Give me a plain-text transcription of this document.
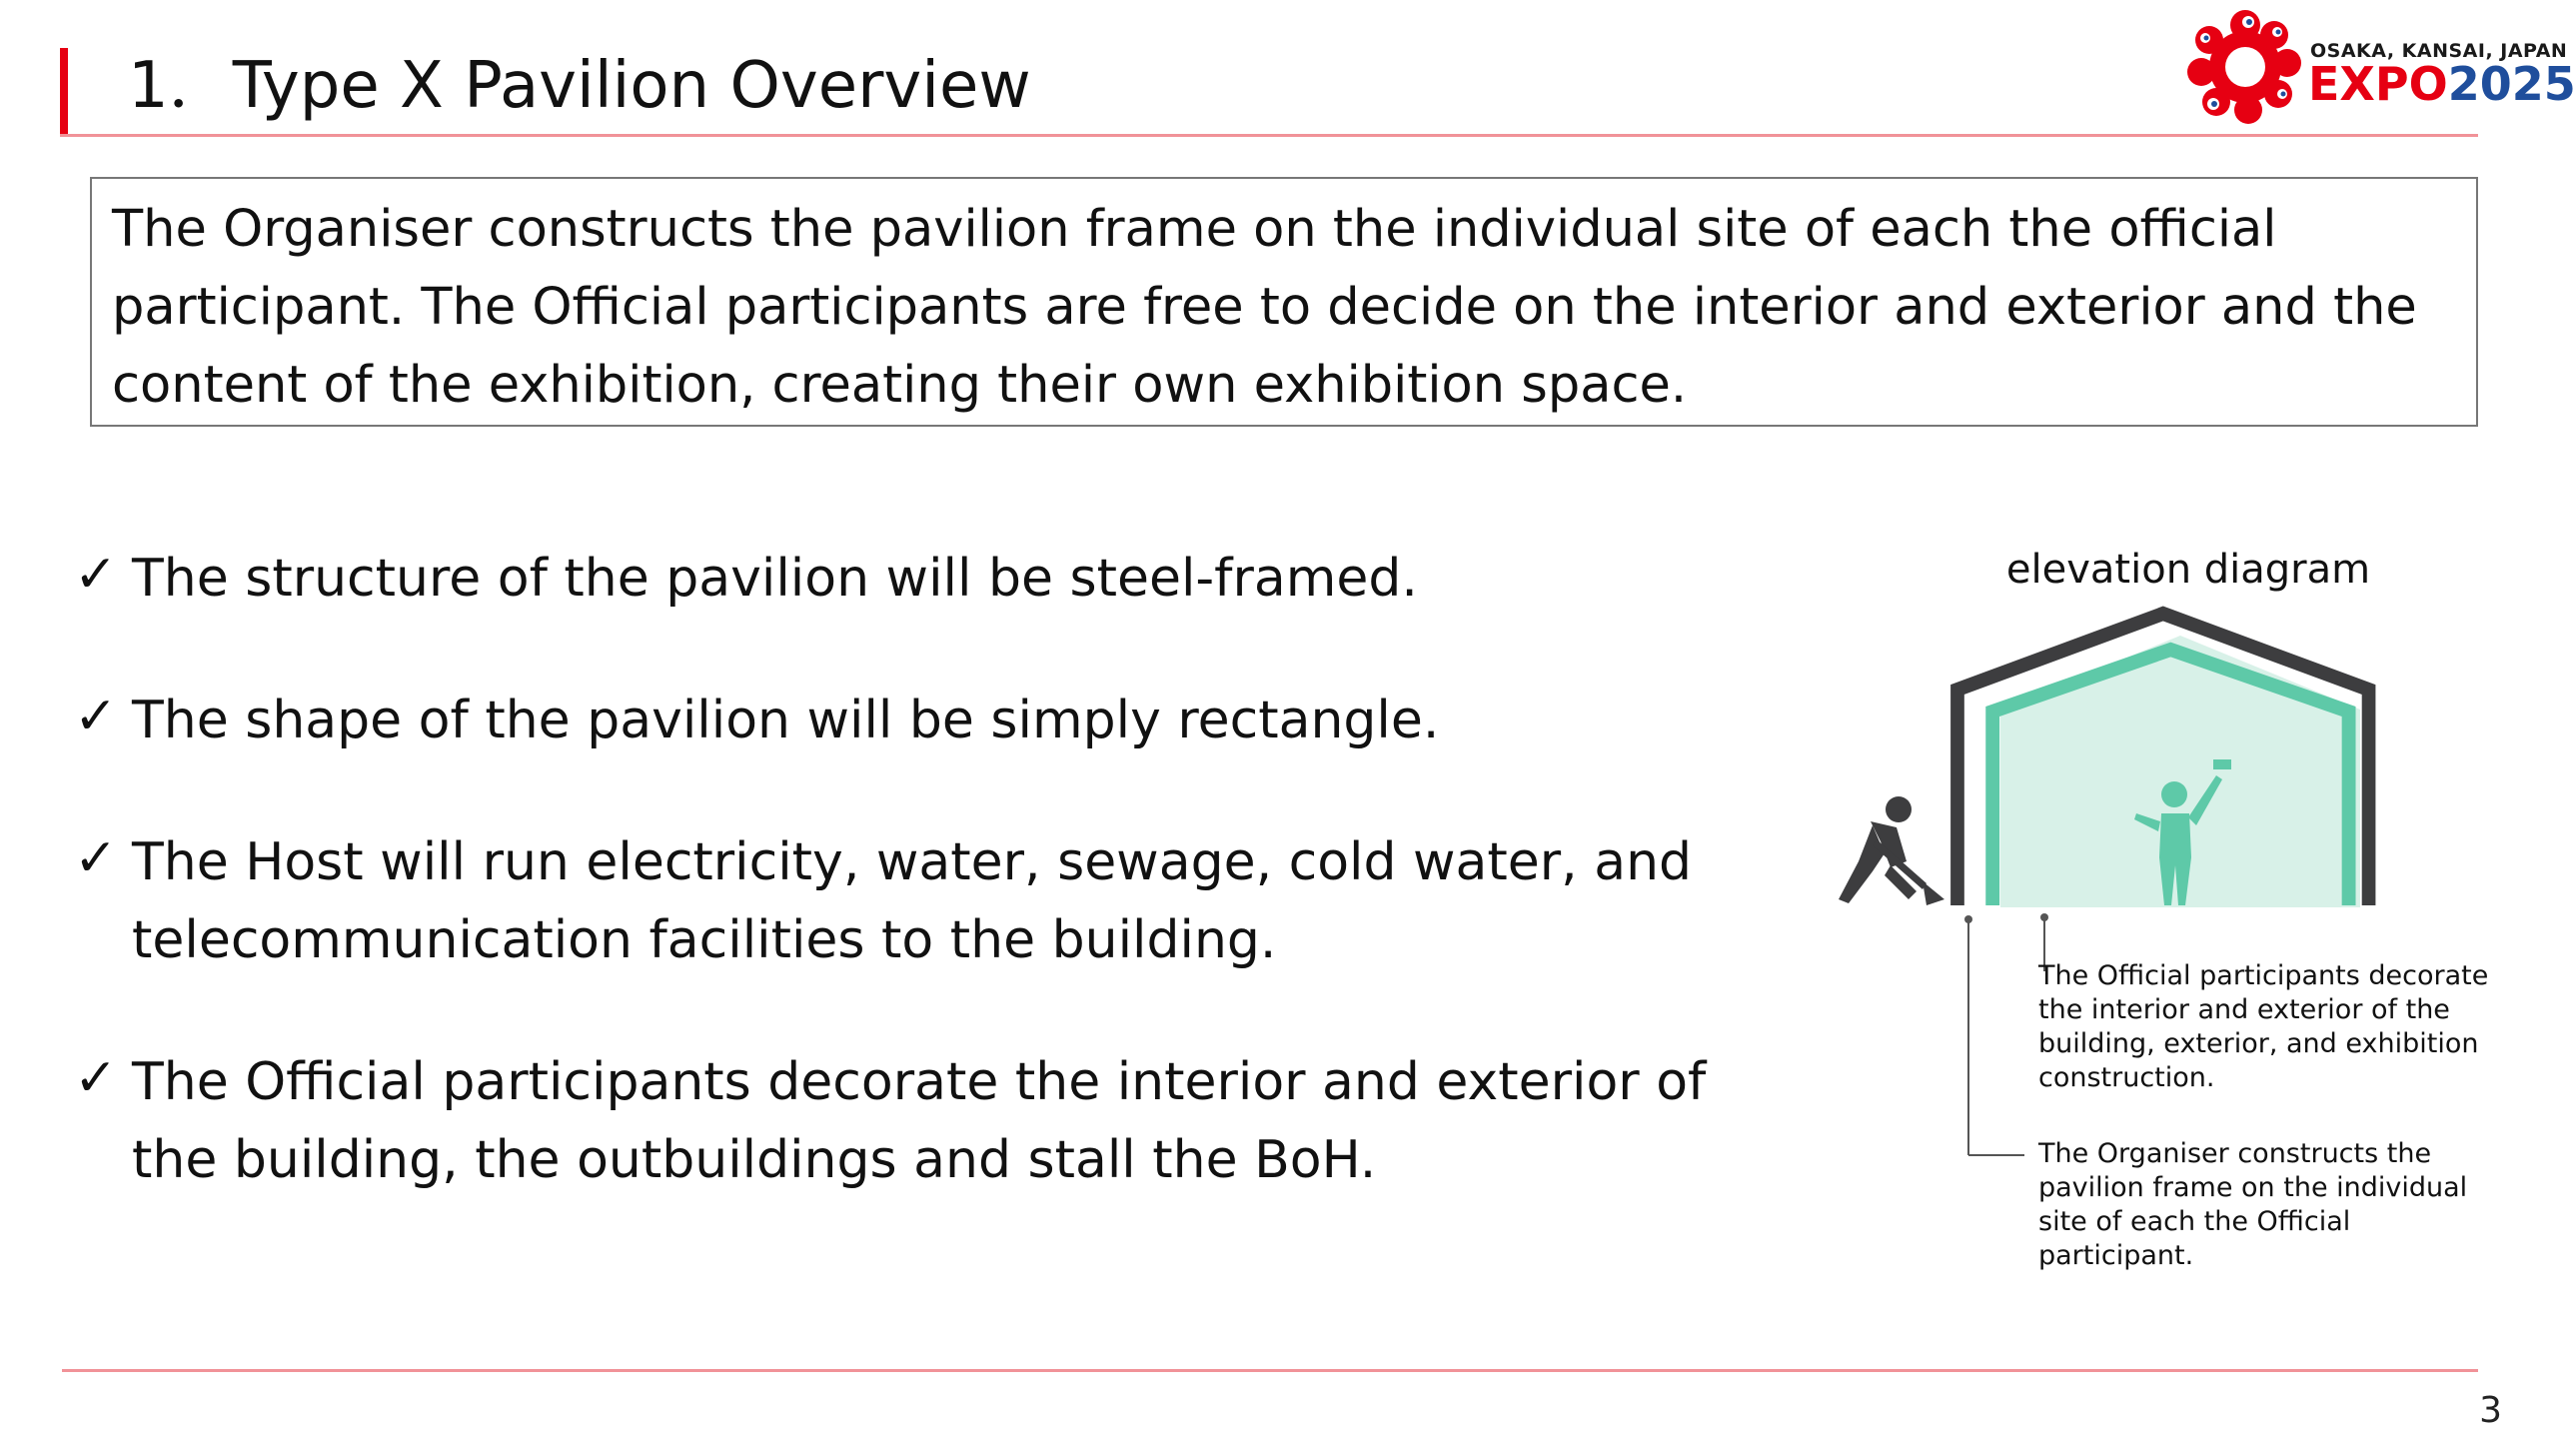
1．Type X Pavilion Overview	OSAKA, KANSAI, JAPAN
EXPO2025
The Organiser constructs the pavilion frame on the individual site of each the official participant. The Official participants are free to decide on the interior and exterior and the content of the exhibition, creating their own exhibition space.
✓ The structure of the pavilion will be steel-framed.
✓ The shape of the pavilion will be simply rectangle.
✓ The Host will run electricity, water, sewage, cold water, and telecommunication facilities to the building.
✓ The Official participants decorate the interior and exterior of the building, the outbuildings and stall the BoH.
elevation diagram
The Official participants decorate the interior and exterior of the building, exterior, and exhibition construction.
The Organiser constructs the pavilion frame on the individual site of each the Official participant.
3
